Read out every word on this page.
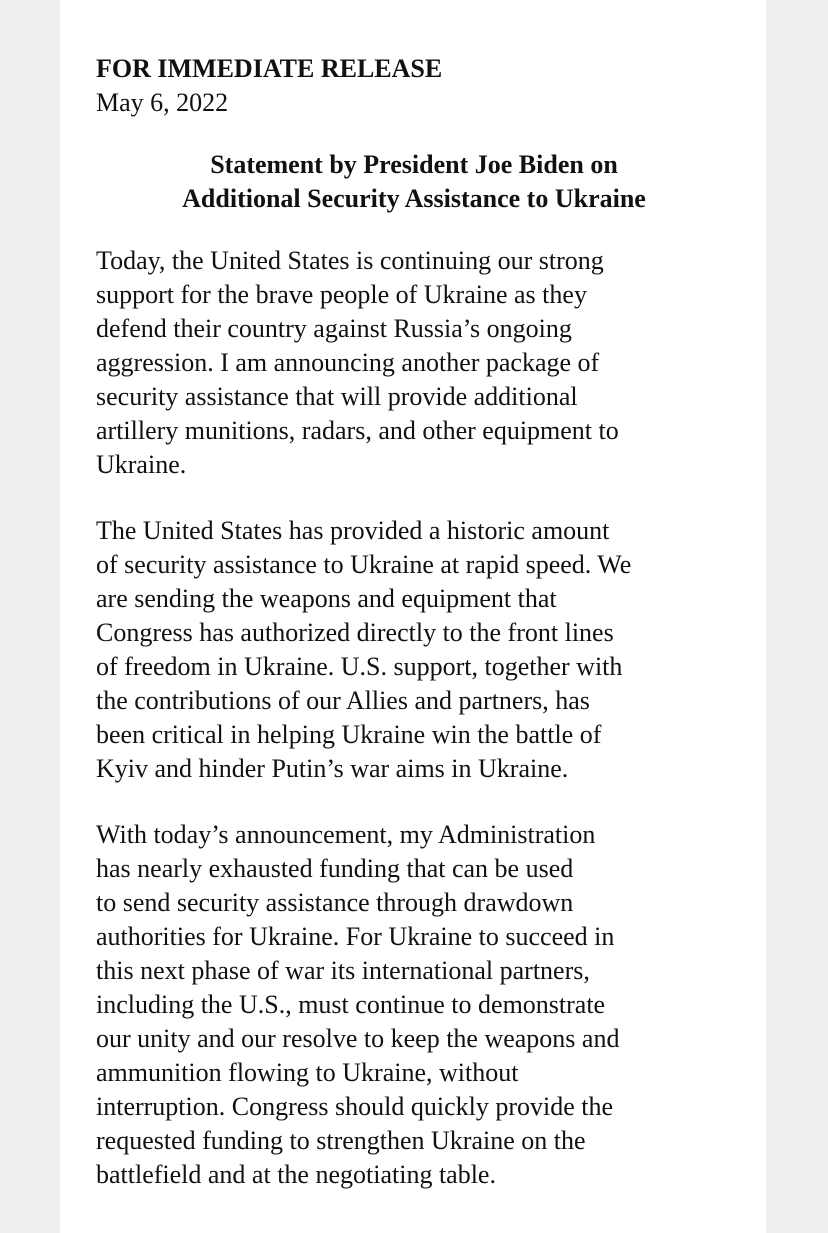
FOR IMMEDIATE RELEASE

May 6, 2022

Statement by President Joe Biden on
Additional Security Assistance to Ukraine

Today, the United States is continuing our strong
support for the brave people of Ukraine as they
defend their country against Russia’s ongoing
aggression. I am announcing another package of
security assistance that will provide additional
artillery munitions, radars, and other equipment to
Ukraine.

The United States has provided a historic amount
of security assistance to Ukraine at rapid speed. We
are sending the weapons and equipment that
Congress has authorized directly to the front lines
of freedom in Ukraine. U.S. support, together with
the contributions of our Allies and partners, has
been critical in helping Ukraine win the battle of
Kyiv and hinder Putin’s war aims in Ukraine.

With today’s announcement, my Administration
has nearly exhausted funding that can be used
to send security assistance through drawdown
authorities for Ukraine. For Ukraine to succeed in
this next phase of war its international partners,
including the U.S., must continue to demonstrate
our unity and our resolve to keep the weapons and
ammunition flowing to Ukraine, without
interruption. Congress should quickly provide the
requested funding to strengthen Ukraine on the
battlefield and at the negotiating table.
